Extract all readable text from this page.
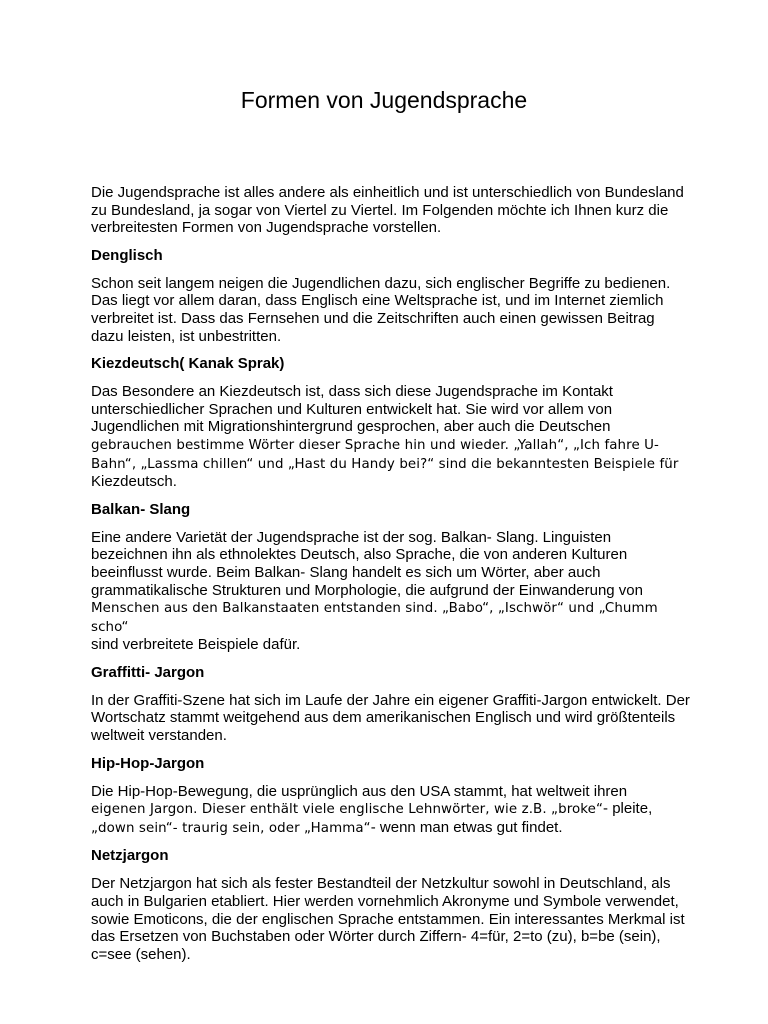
Formen von Jugendsprache

Die Jugendsprache ist alles andere als einheitlich und ist unterschiedlich von Bundesland zu Bundesland, ja sogar von Viertel zu Viertel. Im Folgenden möchte ich Ihnen kurz die verbreitesten Formen von Jugendsprache vorstellen.

Denglisch

Schon seit langem neigen die Jugendlichen dazu, sich englischer Begriffe zu bedienen. Das liegt vor allem daran, dass Englisch eine Weltsprache ist, und im Internet ziemlich verbreitet ist. Dass das Fernsehen und die Zeitschriften auch einen gewissen Beitrag dazu leisten, ist unbestritten.

Kiezdeutsch( Kanak Sprak)

Das Besondere an Kiezdeutsch ist, dass sich diese Jugendsprache im Kontakt unterschiedlicher Sprachen und Kulturen entwickelt hat. Sie wird vor allem von Jugendlichen mit Migrationshintergrund gesprochen, aber auch die Deutschen gebrauchen bestimme Wörter dieser Sprache hin und wieder. „Yallah“, „Ich fahre U-Bahn“, „Lassma chillen“ und „Hast du Handy bei?“ sind die bekanntesten Beispiele für
Kiezdeutsch.

Balkan- Slang

Eine andere Varietät der Jugendsprache ist der sog. Balkan- Slang. Linguisten bezeichnen ihn als ethnolektes Deutsch, also Sprache, die von anderen Kulturen beeinflusst wurde. Beim Balkan- Slang handelt es sich um Wörter, aber auch grammatikalische Strukturen und Morphologie, die aufgrund der Einwanderung von Menschen aus den Balkanstaaten entstanden sind. „Babo“, „Ischwör“ und „Chumm scho“
sind verbreitete Beispiele dafür.

Graffitti- Jargon

In der Graffiti-Szene hat sich im Laufe der Jahre ein eigener Graffiti-Jargon entwickelt. Der Wortschatz stammt weitgehend aus dem amerikanischen Englisch und wird größtenteils weltweit verstanden.

Hip-Hop-Jargon

Die Hip-Hop-Bewegung, die usprünglich aus den USA stammt, hat weltweit ihren
eigenen Jargon. Dieser enthält viele englische Lehnwörter, wie z.B. „broke“- pleite,
„down sein“- traurig sein, oder „Hamma“- wenn man etwas gut findet.

Netzjargon

Der Netzjargon hat sich als fester Bestandteil der Netzkultur sowohl in Deutschland, als auch in Bulgarien etabliert. Hier werden vornehmlich Akronyme und Symbole verwendet, sowie Emoticons, die der englischen Sprache entstammen. Ein interessantes Merkmal ist das Ersetzen von Buchstaben oder Wörter durch Ziffern- 4=für, 2=to (zu), b=be (sein), c=see (sehen).
